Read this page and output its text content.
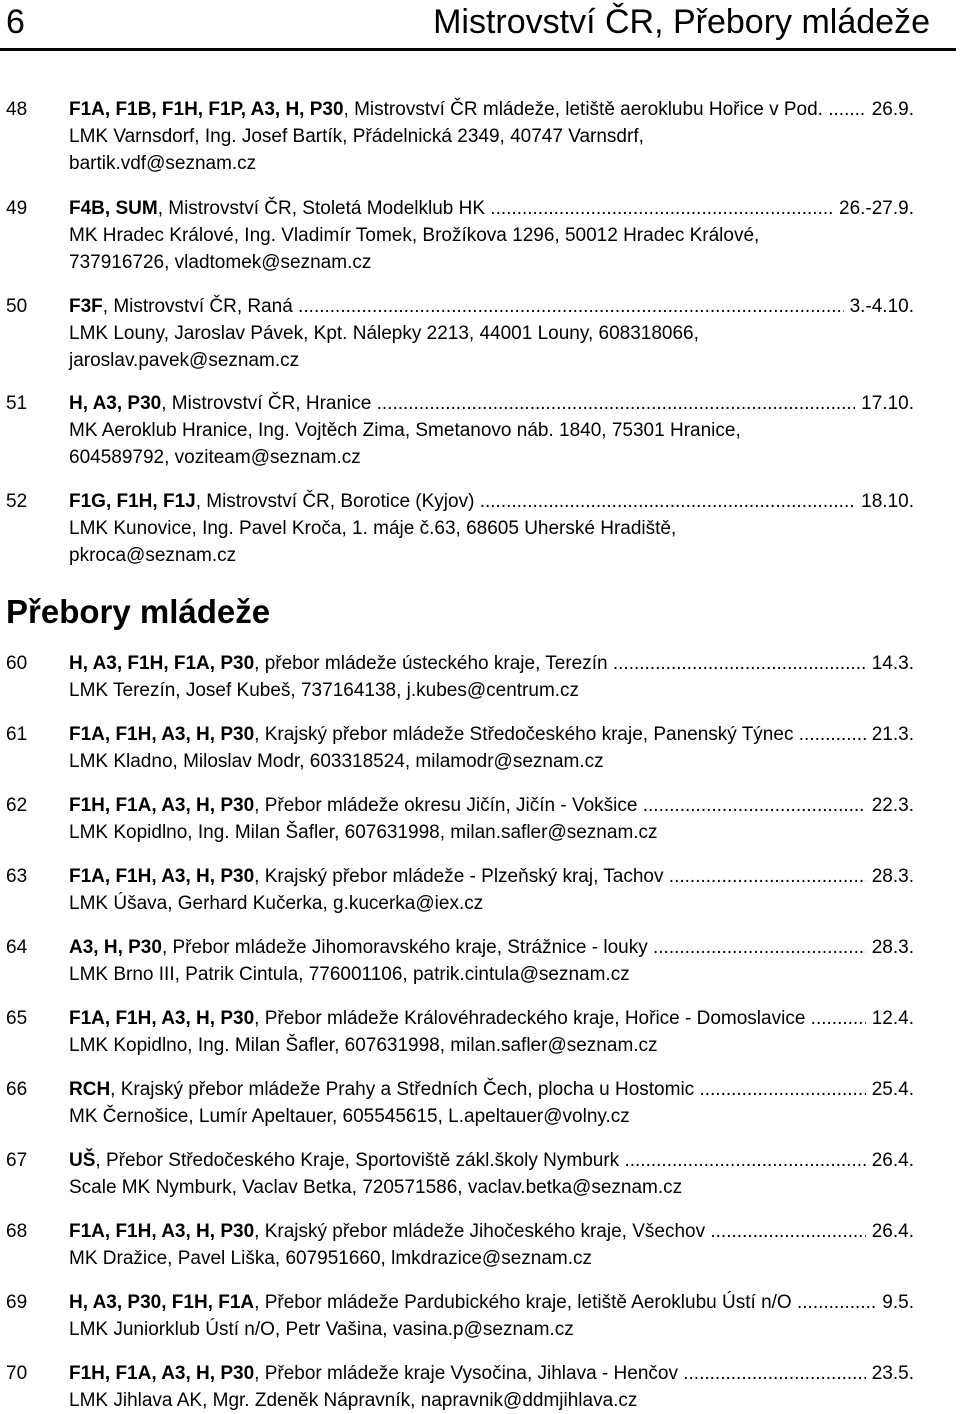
6	Mistrovství ČR, Přebory mládeže
48 F1A, F1B, F1H, F1P, A3, H, P30, Mistrovství ČR mládeže, letiště aeroklubu Hořice v Pod. .....	26.9.
LMK Varnsdorf, Ing. Josef Bartík, Přádelnická 2349, 40747 Varnsdrf,
bartik.vdf@seznam.cz
49 F4B, SUM, Mistrovství ČR, Stoletá Modelklub HK .....	26.-27.9.
MK Hradec Králové, Ing. Vladimír Tomek, Brožíkova 1296, 50012 Hradec Králové,
737916726, vladtomek@seznam.cz
50 F3F, Mistrovství ČR, Raná .....	3.-4.10.
LMK Louny, Jaroslav Pávek, Kpt. Nálepky 2213, 44001 Louny, 608318066,
jaroslav.pavek@seznam.cz
51 H, A3, P30, Mistrovství ČR, Hranice .....	17.10.
MK Aeroklub Hranice, Ing. Vojtěch Zima, Smetanovo náb. 1840, 75301 Hranice,
604589792, voziteam@seznam.cz
52 F1G, F1H, F1J, Mistrovství ČR, Borotice (Kyjov) .....	18.10.
LMK Kunovice, Ing. Pavel Kroča, 1. máje č.63, 68605 Uherské Hradiště,
pkroca@seznam.cz
Přebory mládeže
60 H, A3, F1H, F1A, P30, přebor mládeže ústeckého kraje, Terezín .....	14.3.
LMK Terezín, Josef Kubeš, 737164138, j.kubes@centrum.cz
61 F1A, F1H, A3, H, P30, Krajský přebor mládeže Středočeského kraje, Panenský Týnec .....	21.3.
LMK Kladno, Miloslav Modr, 603318524, milamodr@seznam.cz
62 F1H, F1A, A3, H, P30, Přebor mládeže okresu Jičín, Jičín - Vokšice .....	22.3.
LMK Kopidlno, Ing. Milan Šafler, 607631998, milan.safler@seznam.cz
63 F1A, F1H, A3, H, P30, Krajský přebor mládeže - Plzeňský kraj, Tachov .....	28.3.
LMK Úšava, Gerhard Kučerka, g.kucerka@iex.cz
64 A3, H, P30, Přebor mládeže Jihomoravského kraje, Strážnice - louky .....	28.3.
LMK Brno III, Patrik Cintula, 776001106, patrik.cintula@seznam.cz
65 F1A, F1H, A3, H, P30, Přebor mládeže Královéhradeckého kraje, Hořice - Domoslavice .....	12.4.
LMK Kopidlno, Ing. Milan Šafler, 607631998, milan.safler@seznam.cz
66 RCH, Krajský přebor mládeže Prahy a Středních Čech, plocha u Hostomic .....	25.4.
MK Černošice, Lumír Apeltauer, 605545615, L.apeltauer@volny.cz
67 UŠ, Přebor Středočeského Kraje, Sportoviště zákl.školy Nymburk .....	26.4.
Scale MK Nymburk, Vaclav Betka, 720571586, vaclav.betka@seznam.cz
68 F1A, F1H, A3, H, P30, Krajský přebor mládeže Jihočeského kraje, Všechov .....	26.4.
MK Dražice, Pavel Liška, 607951660, lmkdrazice@seznam.cz
69 H, A3, P30, F1H, F1A, Přebor mládeže Pardubického kraje, letiště Aeroklubu Ústí n/O .....	9.5.
LMK Juniorklub Ústí n/O, Petr Vašina, vasina.p@seznam.cz
70 F1H, F1A, A3, H, P30, Přebor mládeže kraje Vysočina, Jihlava - Henčov .....	23.5.
LMK Jihlava AK, Mgr. Zdeněk Nápravník, napravnik@ddmjihlava.cz
